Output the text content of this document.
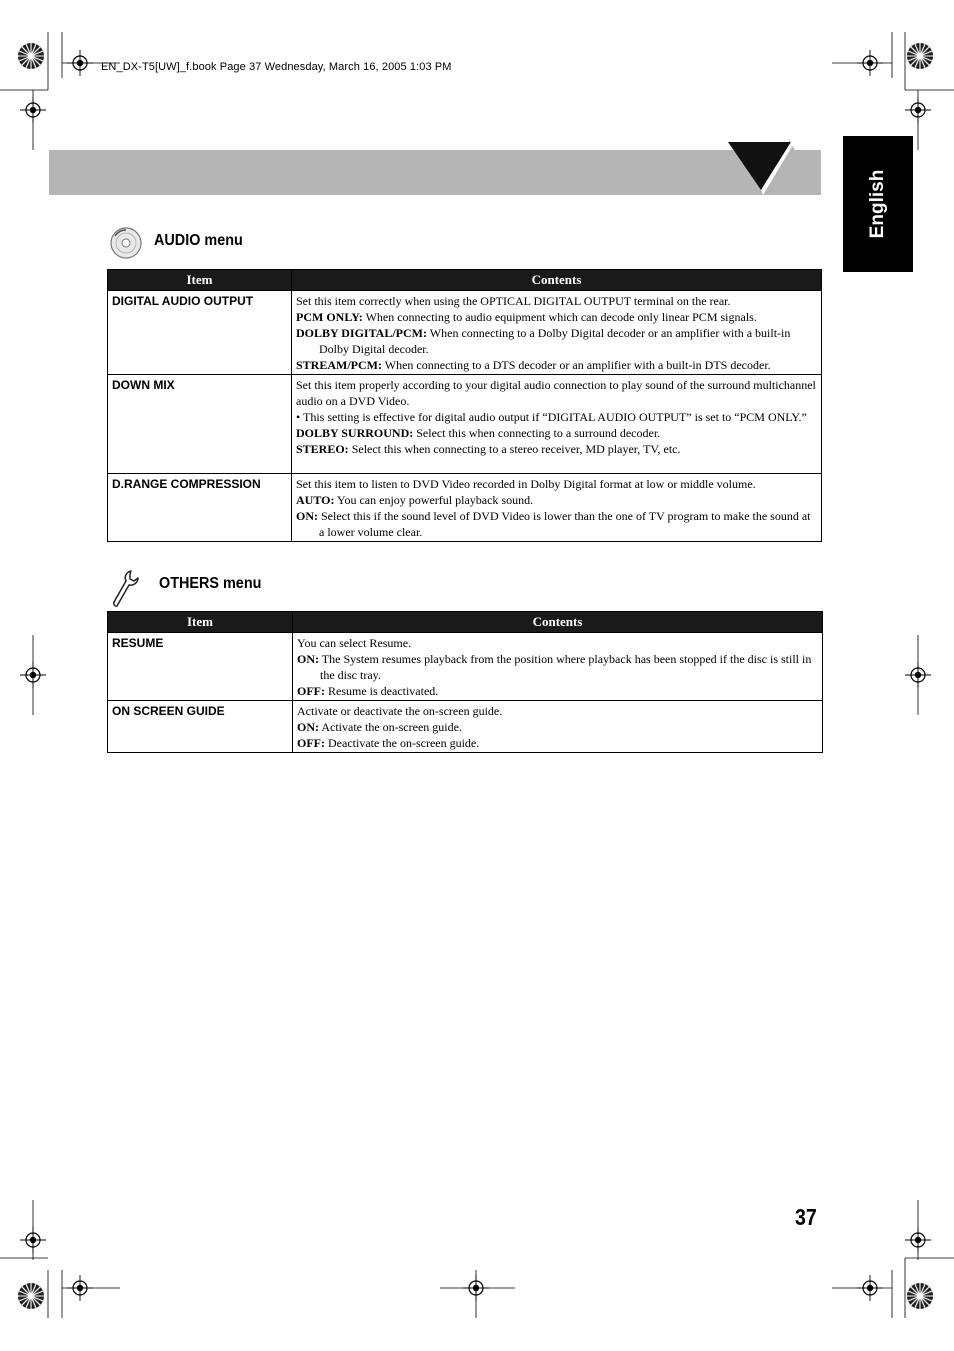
EN_DX-T5[UW]_f.book Page 37 Wednesday, March 16, 2005 1:03 PM
English
AUDIO menu
Item	Contents
DIGITAL AUDIO OUTPUT	Set this item correctly when using the OPTICAL DIGITAL OUTPUT terminal on the rear.
PCM ONLY: When connecting to audio equipment which can decode only linear PCM signals.
DOLBY DIGITAL/PCM: When connecting to a Dolby Digital decoder or an amplifier with a built-in Dolby Digital decoder.
STREAM/PCM: When connecting to a DTS decoder or an amplifier with a built-in DTS decoder.

DOWN MIX	Set this item properly according to your digital audio connection to play sound of the surround multichannel audio on a DVD Video.
• This setting is effective for digital audio output if “DIGITAL AUDIO OUTPUT” is set to “PCM ONLY.”
DOLBY SURROUND: Select this when connecting to a surround decoder.
STEREO: Select this when connecting to a stereo receiver, MD player, TV, etc.

D.RANGE COMPRESSION	Set this item to listen to DVD Video recorded in Dolby Digital format at low or middle volume.
AUTO: You can enjoy powerful playback sound.
ON: Select this if the sound level of DVD Video is lower than the one of TV program to make the sound at a lower volume clear.
OTHERS menu
Item	Contents
RESUME	You can select Resume.
ON: The System resumes playback from the position where playback has been stopped if the disc is still in the disc tray.
OFF: Resume is deactivated.

ON SCREEN GUIDE	Activate or deactivate the on-screen guide.
ON: Activate the on-screen guide.
OFF: Deactivate the on-screen guide.
37
